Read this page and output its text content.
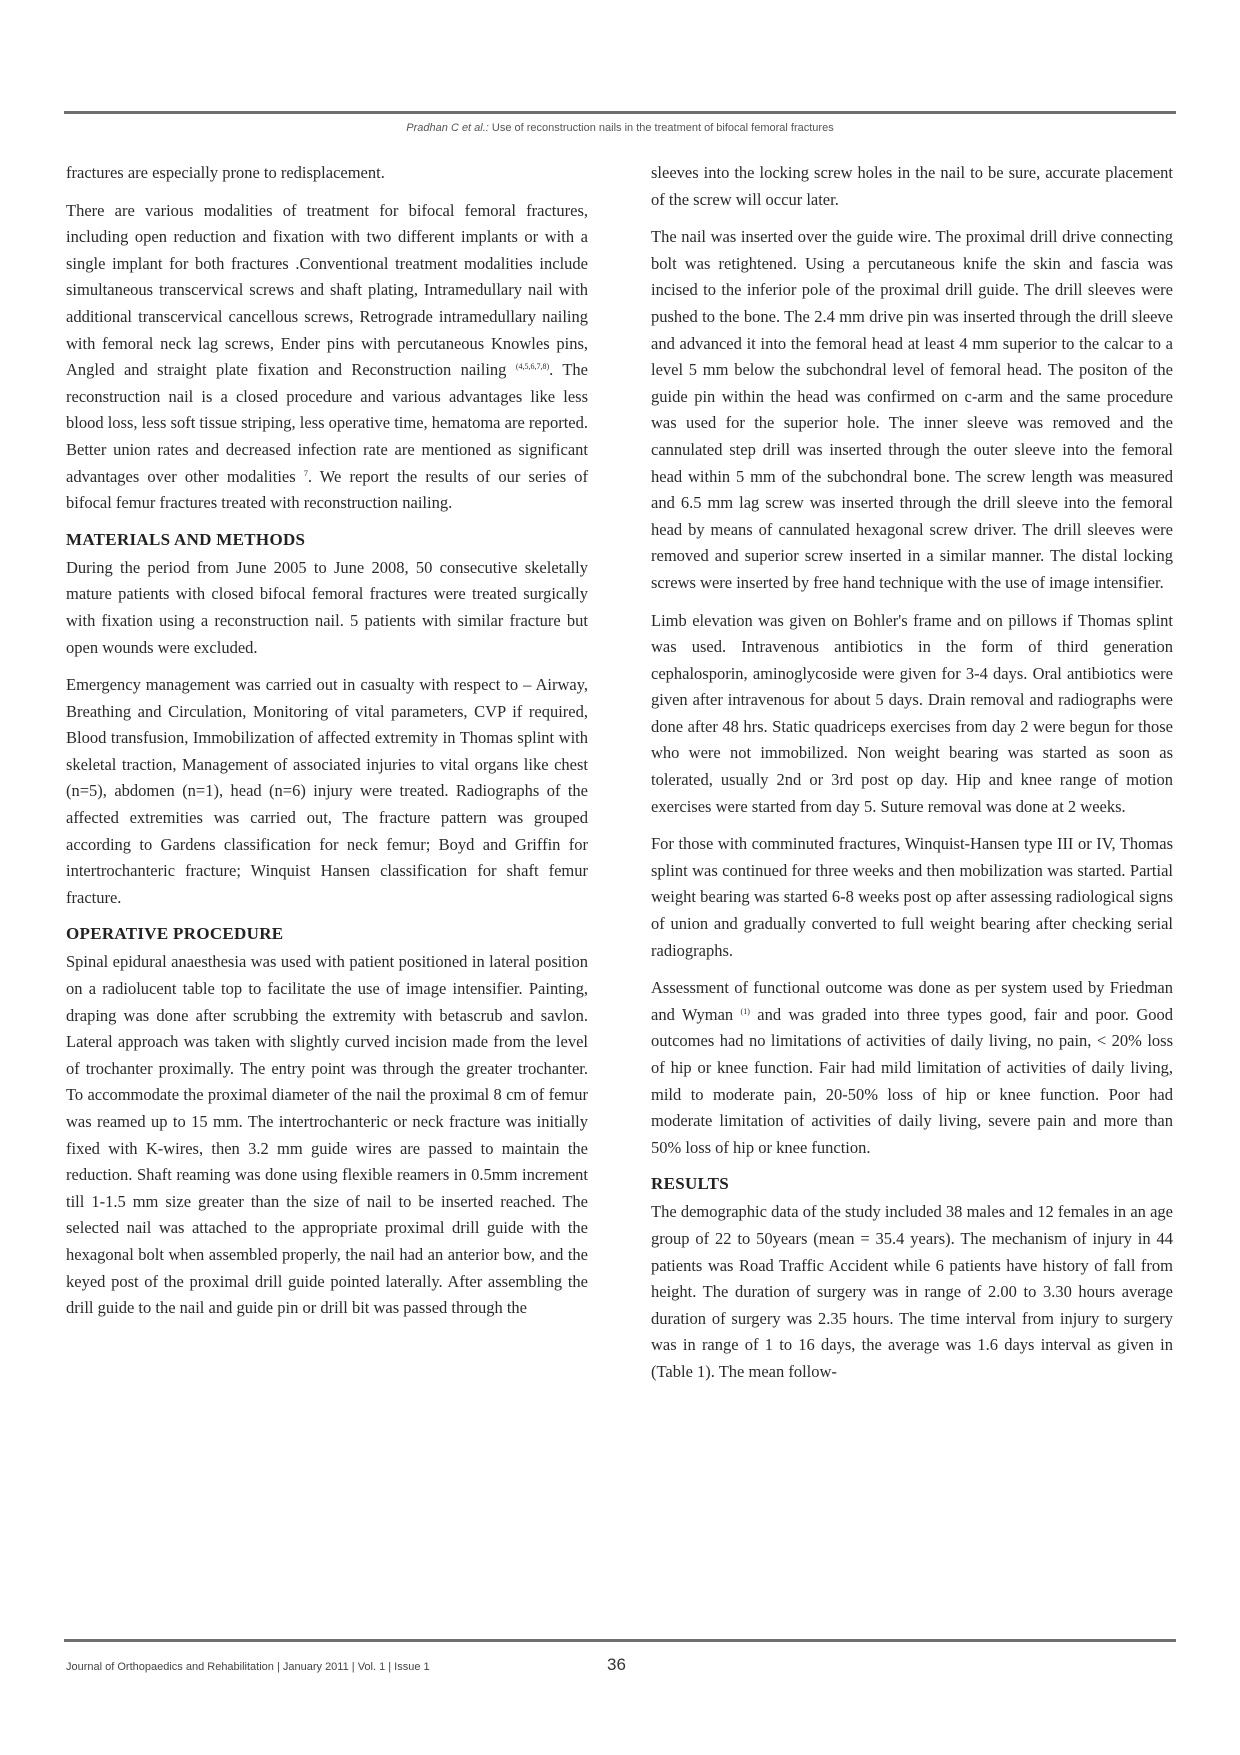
Pradhan C et al.: Use of reconstruction nails in the treatment of bifocal femoral fractures

fractures are especially prone to redisplacement.

There are various modalities of treatment for bifocal femoral fractures, including open reduction and fixation with two different implants or with a single implant for both fractures .Conventional treatment modalities include simultaneous transcervical screws and shaft plating, Intramedullary nail with additional transcervical cancellous screws, Retrograde intramedullary nailing with femoral neck lag screws, Ender pins with percutaneous Knowles pins, Angled and straight plate fixation and Reconstruction nailing $^{(4,5,6,7,8)}$. The reconstruction nail is a closed procedure and various advantages like less blood loss, less soft tissue striping, less operative time, hematoma are reported. Better union rates and decreased infection rate are mentioned as significant advantages over other modalities $^7$. We report the results of our series of bifocal femur fractures treated with reconstruction nailing.

MATERIALS AND METHODS

During the period from June 2005 to June 2008, 50 consecutive skeletally mature patients with closed bifocal femoral fractures were treated surgically with fixation using a reconstruction nail. 5 patients with similar fracture but open wounds were excluded.

Emergency management was carried out in casualty with respect to – Airway, Breathing and Circulation, Monitoring of vital parameters, CVP if required, Blood transfusion, Immobilization of affected extremity in Thomas splint with skeletal traction, Management of associated injuries to vital organs like chest (n=5), abdomen (n=1), head (n=6) injury were treated. Radiographs of the affected extremities was carried out, The fracture pattern was grouped according to Gardens classification for neck femur; Boyd and Griffin for intertrochanteric fracture; Winquist Hansen classification for shaft femur fracture.

OPERATIVE PROCEDURE

Spinal epidural anaesthesia was used with patient positioned in lateral position on a radiolucent table top to facilitate the use of image intensifier. Painting, draping was done after scrubbing the extremity with betascrub and savlon. Lateral approach was taken with slightly curved incision made from the level of trochanter proximally. The entry point was through the greater trochanter. To accommodate the proximal diameter of the nail the proximal 8 cm of femur was reamed up to 15 mm. The intertrochanteric or neck fracture was initially fixed with K-wires, then 3.2 mm guide wires are passed to maintain the reduction. Shaft reaming was done using flexible reamers in 0.5mm increment till 1-1.5 mm size greater than the size of nail to be inserted reached. The selected nail was attached to the appropriate proximal drill guide with the hexagonal bolt when assembled properly, the nail had an anterior bow, and the keyed post of the proximal drill guide pointed laterally. After assembling the drill guide to the nail and guide pin or drill bit was passed through the

sleeves into the locking screw holes in the nail to be sure, accurate placement of the screw will occur later.

The nail was inserted over the guide wire. The proximal drill drive connecting bolt was retightened. Using a percutaneous knife the skin and fascia was incised to the inferior pole of the proximal drill guide. The drill sleeves were pushed to the bone. The 2.4 mm drive pin was inserted through the drill sleeve and advanced it into the femoral head at least 4 mm superior to the calcar to a level 5 mm below the subchondral level of femoral head. The positon of the guide pin within the head was confirmed on c-arm and the same procedure was used for the superior hole. The inner sleeve was removed and the cannulated step drill was inserted through the outer sleeve into the femoral head within 5 mm of the subchondral bone. The screw length was measured and 6.5 mm lag screw was inserted through the drill sleeve into the femoral head by means of cannulated hexagonal screw driver. The drill sleeves were removed and superior screw inserted in a similar manner. The distal locking screws were inserted by free hand technique with the use of image intensifier.

Limb elevation was given on Bohler's frame and on pillows if Thomas splint was used. Intravenous antibiotics in the form of third generation cephalosporin, aminoglycoside were given for 3-4 days. Oral antibiotics were given after intravenous for about 5 days. Drain removal and radiographs were done after 48 hrs. Static quadriceps exercises from day 2 were begun for those who were not immobilized. Non weight bearing was started as soon as tolerated, usually 2nd or 3rd post op day. Hip and knee range of motion exercises were started from day 5. Suture removal was done at 2 weeks.

For those with comminuted fractures, Winquist-Hansen type III or IV, Thomas splint was continued for three weeks and then mobilization was started. Partial weight bearing was started 6-8 weeks post op after assessing radiological signs of union and gradually converted to full weight bearing after checking serial radiographs.

Assessment of functional outcome was done as per system used by Friedman and Wyman $^{(1)}$ and was graded into three types good, fair and poor. Good outcomes had no limitations of activities of daily living, no pain, < 20% loss of hip or knee function. Fair had mild limitation of activities of daily living, mild to moderate pain, 20-50% loss of hip or knee function. Poor had moderate limitation of activities of daily living, severe pain and more than 50% loss of hip or knee function.

RESULTS

The demographic data of the study included 38 males and 12 females in an age group of 22 to 50years (mean = 35.4 years). The mechanism of injury in 44 patients was Road Traffic Accident while 6 patients have history of fall from height. The duration of surgery was in range of 2.00 to 3.30 hours average duration of surgery was 2.35 hours. The time interval from injury to surgery was in range of 1 to 16 days, the average was 1.6 days interval as given in (Table 1). The mean follow-

Journal of Orthopaedics and Rehabilitation | January 2011 | Vol. 1 | Issue 1	36
